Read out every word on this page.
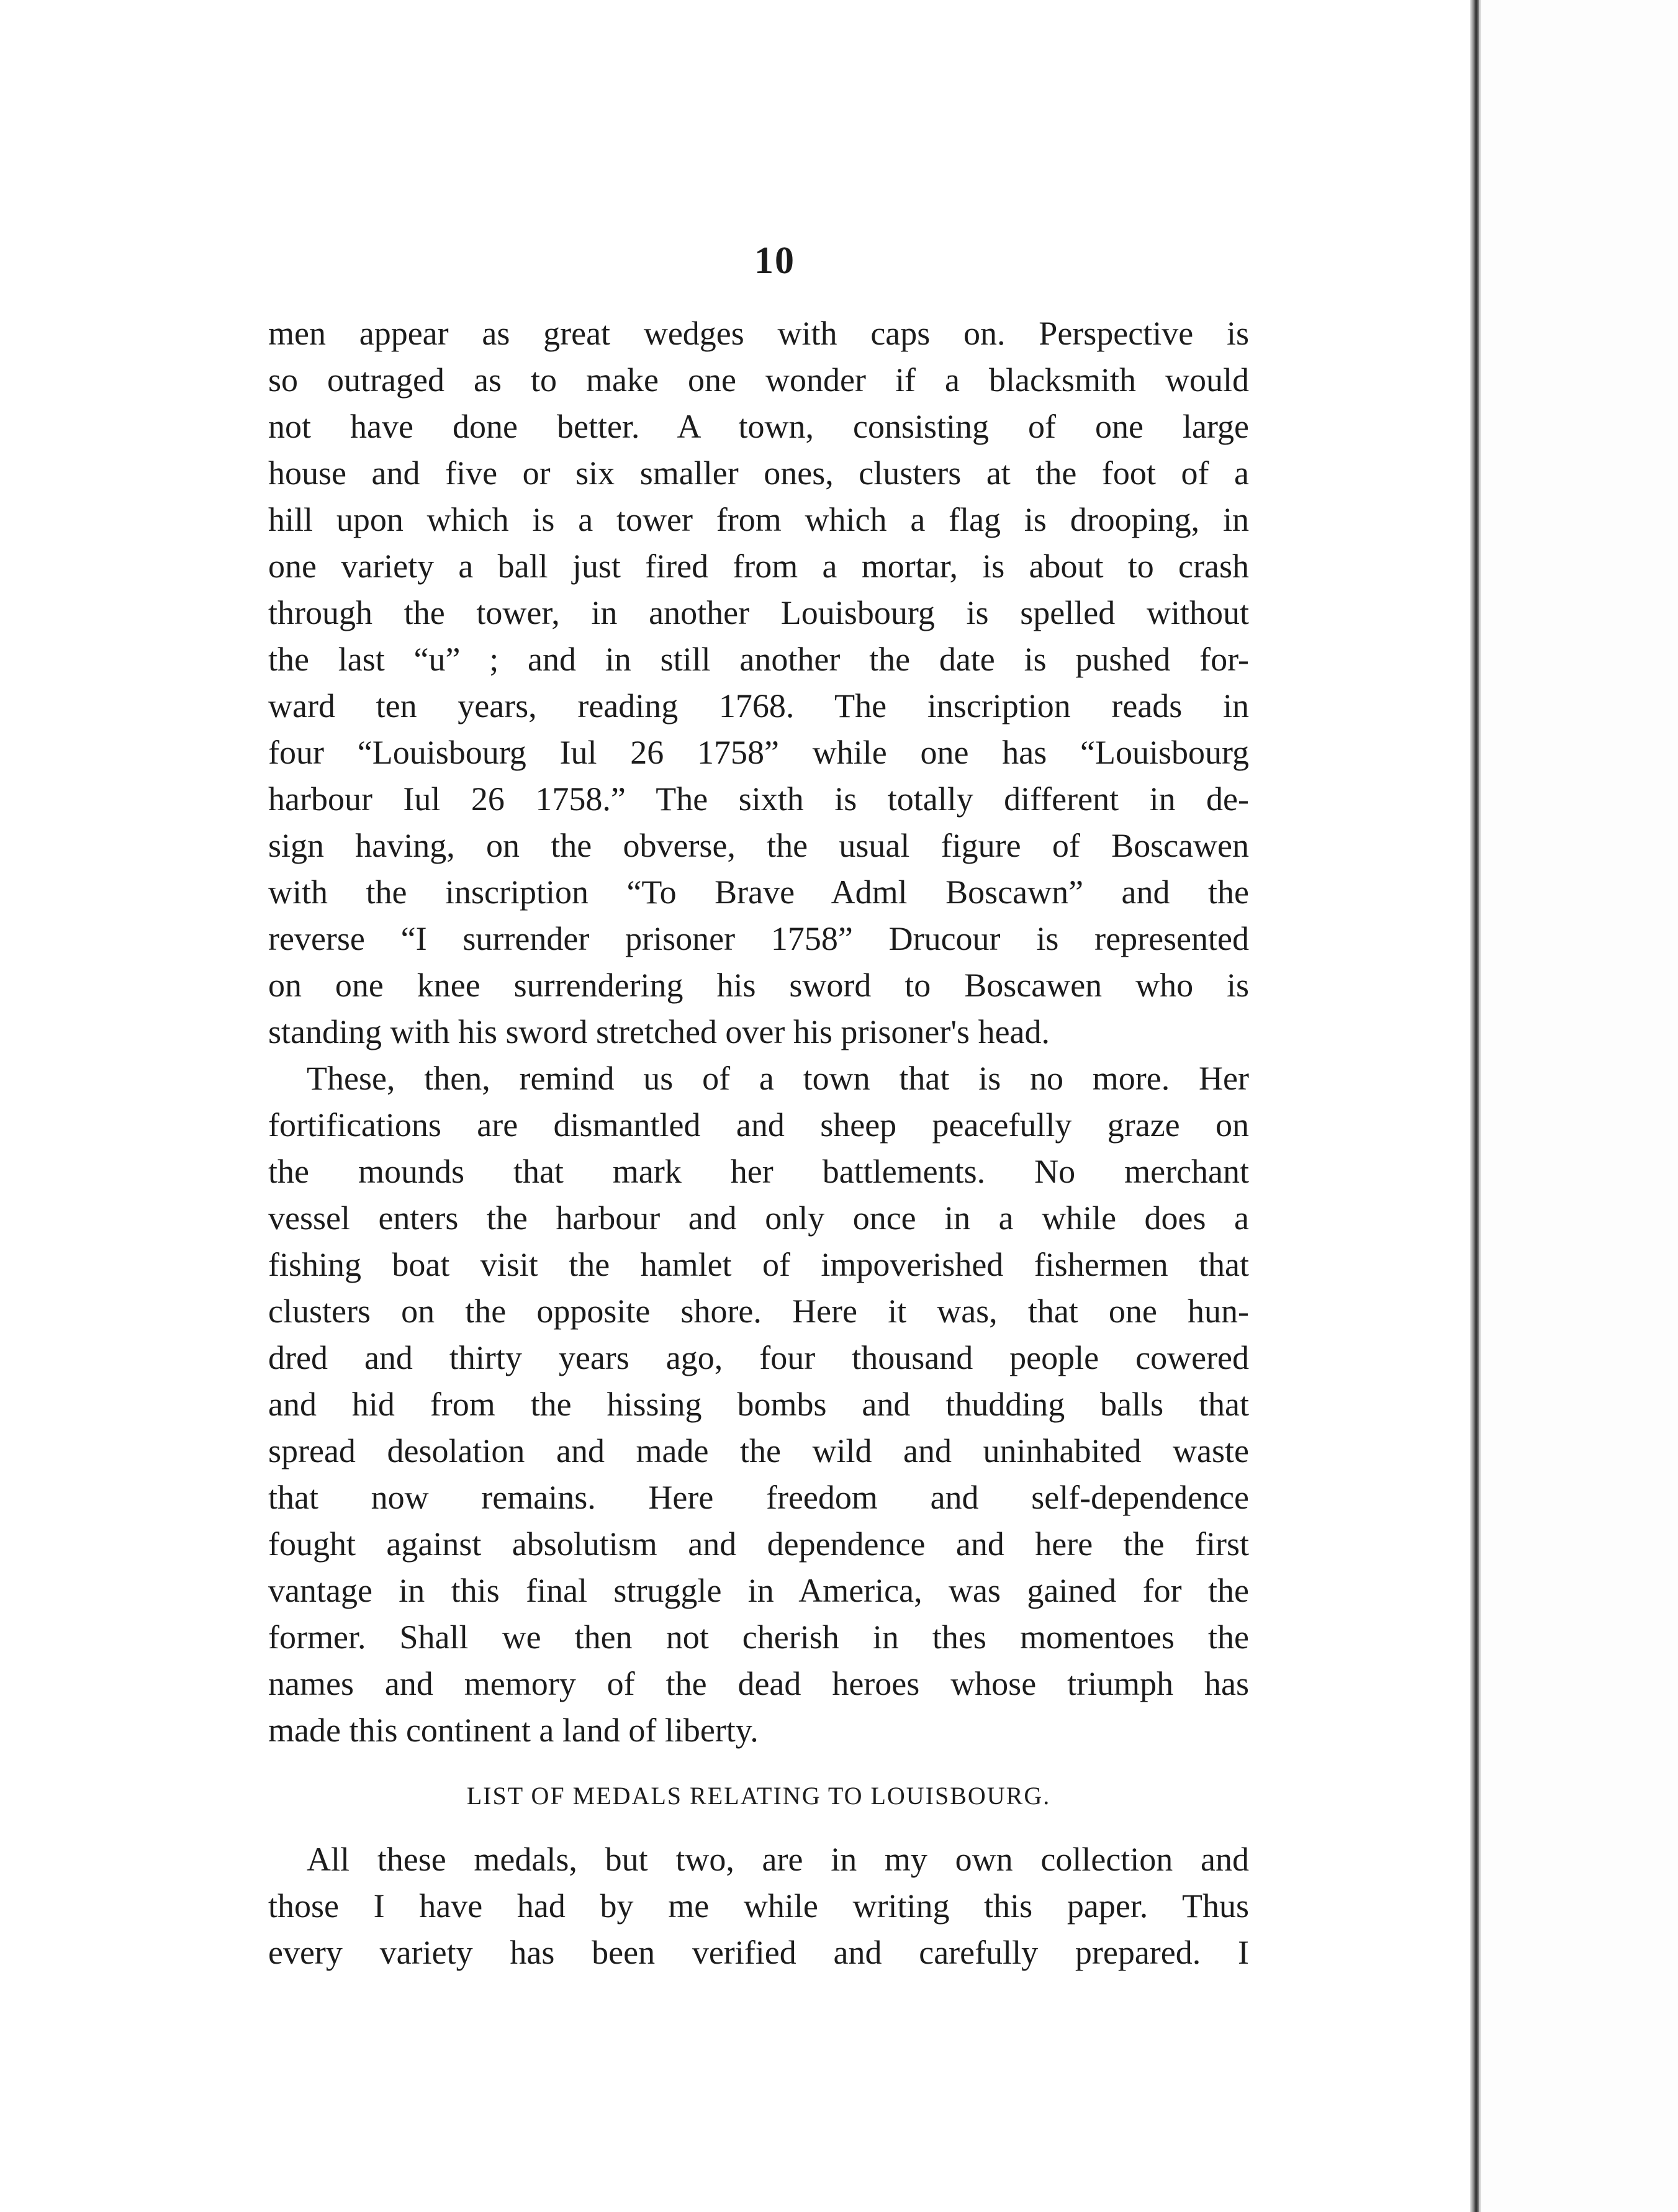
10
men appear as great wedges with caps on. Perspective is
so outraged as to make one wonder if a blacksmith would
not have done better. A town, consisting of one large
house and five or six smaller ones, clusters at the foot of a
hill upon which is a tower from which a flag is drooping, in
one variety a ball just fired from a mortar, is about to crash
through the tower, in another Louisbourg is spelled without
the last “u” ; and in still another the date is pushed for-
ward ten years, reading 1768. The inscription reads in
four “Louisbourg Iul 26 1758” while one has “Louisbourg
harbour Iul 26 1758.” The sixth is totally different in de-
sign having, on the obverse, the usual figure of Boscawen
with the inscription “To Brave Adml Boscawn” and the
reverse “I surrender prisoner 1758” Drucour is represented
on one knee surrendering his sword to Boscawen who is
standing with his sword stretched over his prisoner's head.
These, then, remind us of a town that is no more. Her
fortifications are dismantled and sheep peacefully graze on
the mounds that mark her battlements. No merchant
vessel enters the harbour and only once in a while does a
fishing boat visit the hamlet of impoverished fishermen that
clusters on the opposite shore. Here it was, that one hun-
dred and thirty years ago, four thousand people cowered
and hid from the hissing bombs and thudding balls that
spread desolation and made the wild and uninhabited waste
that now remains. Here freedom and self-dependence
fought against absolutism and dependence and here the first
vantage in this final struggle in America, was gained for the
former. Shall we then not cherish in thes momentoes the
names and memory of the dead heroes whose triumph has
made this continent a land of liberty.
LIST OF MEDALS RELATING TO LOUISBOURG.
All these medals, but two, are in my own collection and
those I have had by me while writing this paper. Thus
every variety has been verified and carefully prepared. I
